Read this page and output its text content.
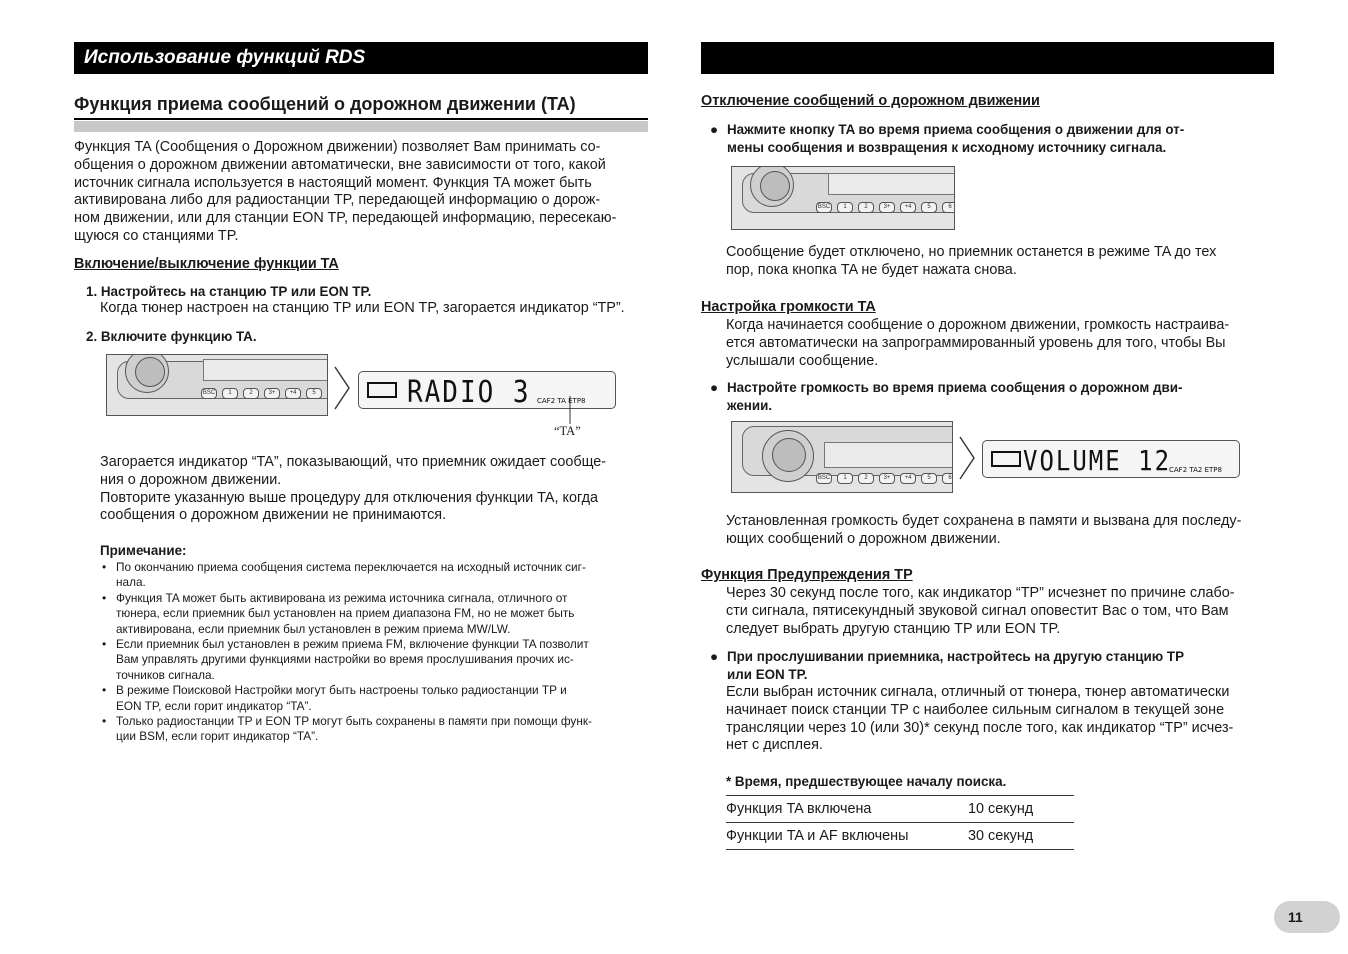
Использование функций RDS
Функция приема сообщений о дорожном движении (TA)
Функция TA (Сообщения о Дорожном движении) позволяет Вам принимать со-
общения о дорожном движении автоматически, вне зависимости от того, какой
источник сигнала используется в настоящий момент. Функция TA может быть
активирована либо для радиостанции TP, передающей информацию о дорож-
ном движении, или для станции EON TP, передающей информацию, пересекаю-
щуюся со станциями TP.
Включение/выключение функции TA
1. Настройтесь на станцию TP или EON TP.
Когда тюнер настроен на станцию TP или EON TP, загорается индикатор “TP”.
2. Включите функцию TA.
BSC	1	2	3+	+4	5	RADIO 3 CAF2 TA ETP8
“TA”
Загорается индикатор “TA”, показывающий, что приемник ожидает сообще-
ния о дорожном движении.
Повторите указанную выше процедуру для отключения функции TA, когда
сообщения о дорожном движении не принимаются.
Примечание:
• По окончанию приема сообщения система переключается на исходный источник сиг-
нала.
• Функция TA может быть активирована из режима источника сигнала, отличного от
тюнера, если приемник был установлен на прием диапазона FM, но не может быть
активирована, если приемник был установлен в режим приема MW/LW.
• Если приемник был установлен в режим приема FM, включение функции TA позволит
Вам управлять другими функциями настройки во время прослушивания прочих ис-
точников сигнала.
• В режиме Поисковой Настройки могут быть настроены только радиостанции TP и
EON TP, если горит индикатор “TA”.
• Только радиостанции TP и EON TP могут быть сохранены в памяти при помощи функ-
ции BSM, если горит индикатор “TA”.
Отключение сообщений о дорожном движении
● Нажмите кнопку TA во время приема сообщения о движении для от-
мены сообщения и возвращения к исходному источнику сигнала.
BSC	1	2	3+	+4	5	6
Сообщение будет отключено, но приемник останется в режиме TA до тех
пор, пока кнопка TA не будет нажата снова.
Настройка громкости TA
Когда начинается сообщение о дорожном движении, громкость настраива-
ется автоматически на запрограммированный уровень для того, чтобы Вы
услышали сообщение.
● Настройте громкость во время приема сообщения о дорожном дви-
жении.
BSC	1	2	3+	+4	5	6
VOLUME 12
CAF2 TA2 ETP8
Установленная громкость будет сохранена в памяти и вызвана для последу-
ющих сообщений о дорожном движении.
Функция Предупреждения TP
Через 30 секунд после того, как индикатор “TP” исчезнет по причине слабо-
сти сигнала, пятисекундный звуковой сигнал оповестит Вас о том, что Вам
следует выбрать другую станцию TP или EON TP.
● При прослушивании приемника, настройтесь на другую станцию TP
или EON TP.
Если выбран источник сигнала, отличный от тюнера, тюнер автоматически
начинает поиск станции TP с наиболее сильным сигналом в текущей зоне
трансляции через 10 (или 30)* секунд после того, как индикатор “TP” исчез-
нет с дисплея.
* Время, предшествующее началу поиска.
Функция TA включена	10 секунд
Функции TA и AF включены	30 секунд
11
